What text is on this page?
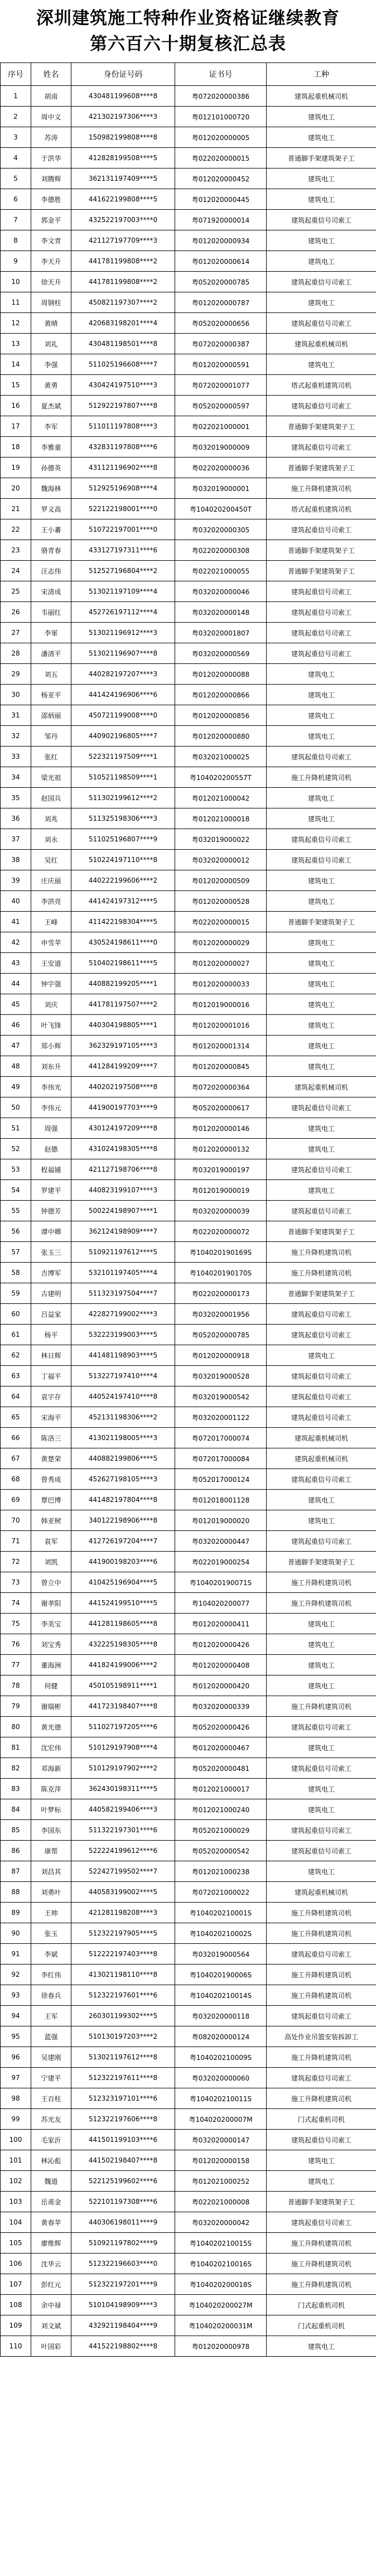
深圳建筑施工特种作业资格证继续教育
第六百六十期复核汇总表
序号	姓名	身份证号码	证书号	工种
1	胡南	430481199608****8	粤072020000386	建筑起重机械司机
2	周中义	421302197306****3	粤012101000720	建筑电工
3	苏涛	150982199808****8	粤012020000005	建筑电工
4	于洪华	412828199508****5	粤022020000015	普通脚手架建筑架子工
5	刘腾辉	362131197409****5	粤012020000452	建筑电工
6	李德胜	441622199808****5	粤012020000445	建筑电工
7	郭金平	432522197003****0	粤071920000014	建筑起重信号司索工
8	李文青	421127197709****3	粤012020000934	建筑电工
9	李天升	441781199808****2	粤012020000614	建筑电工
10	徐天升	441781199808****2	粤052020000785	建筑起重信号司索工
11	周钢柱	450821197307****2	粤012020000787	建筑电工
12	黄晴	420683198201****4	粤052020000656	建筑起重信号司索工
13	刘礼	430481198501****8	粤072020000387	建筑起重机械司机
14	李强	511025196608****7	粤012020000591	建筑电工
15	黄勇	430424197510****3	粤072020001077	塔式起重机建筑司机
16	夏杰斌	512922197807****8	粤052020000597	建筑起重信号司索工
17	李军	511011197808****3	粤022021000001	普通脚手架建筑架子工
18	李雅童	432831197808****6	粤032019000009	建筑起重信号司索工
19	孙德英	431121196902****8	粤022020000036	普通脚手架建筑架子工
20	魏海林	512925196908****4	粤032019000001	施工升降机建筑司机
21	罗义高	522122198001****0	粤104020200450T	塔式起重机建筑司机
22	王小蕃	510722197001****0	粤032020000305	建筑起重信号司索工
23	骆青春	433127197311****6	粤022020000308	普通脚手架建筑架子工
24	汪志伟	512527196804****2	粤022021000055	普通脚手架建筑架子工
25	宋清成	513021197109****4	粤032020000046	建筑起重信号司索工
26	韦丽红	452726197112****4	粤032020000148	建筑起重信号司索工
27	李軍	513021196912****3	粤032020001807	建筑起重信号司索工
28	潘清平	513021196907****8	粤032020000569	建筑起重信号司索工
29	刘五	440282197207****3	粤012020000088	建筑电工
30	杨亚平	441424196906****6	粤012020000866	建筑电工
31	邵炳丽	450721199008****0	粤012020000856	建筑电工
32	邹丹	440902196805****7	粤012020000880	建筑电工
33	张红	522321197509****1	粤032021000025	建筑起重信号司索工
34	梁光祖	510521198509****1	粤104020200557T	施工升降机建筑司机
35	赵国兵	511302199612****2	粤012021000042	建筑电工
36	刘兆	511325198306****3	粤012021000018	建筑电工
37	刘永	511025196807****9	粤032019000022	建筑起重信号司索工
38	吴红	510224197110****8	粤032020000012	建筑起重信号司索工
39	庄庆丽	440222199606****2	粤012020000509	建筑电工
40	李洪亮	441424197312****5	粤012020000528	建筑电工
41	王峰	411422198304****5	粤022020000015	普通脚手架建筑架子工
42	申雪苹	430524198611****0	粤012020000029	建筑电工
43	王安道	510402198611****5	粤012020000027	建筑电工
44	钟宇强	440882199205****1	粤012020000033	建筑电工
45	刘庆	441781197507****2	粤012019000016	建筑电工
46	叶飞锋	440304198805****1	粤012020001016	建筑电工
47	郑小辉	362329197105****3	粤012020001314	建筑电工
48	刘东升	441284199209****7	粤012020000845	建筑电工
49	李伟光	440202197508****8	粤072020000364	建筑起重机械司机
50	李伟元	441900197703****9	粤052020000617	建筑起重信号司索工
51	周强	430124197209****8	粤012020000146	建筑电工
52	赵德	431024198305****8	粤012020000132	建筑电工
53	程福铺	421127198706****8	粤032019000197	建筑起重信号司索工
54	罗建平	440823199107****3	粤012019000019	建筑电工
55	钟德芳	500224198907****1	粤032020000039	建筑起重信号司索工
56	谭中卿	362124198909****7	粤022020000072	普通脚手架建筑架子工
57	张玉三	510921197612****5	粤104020190169S	施工升降机建筑司机
58	吉博军	532101197405****4	粤104020190170S	施工升降机建筑司机
59	古建明	511323197504****7	粤022020000173	普通脚手架建筑架子工
60	吕益家	422827199002****3	粤032020001956	建筑起重信号司索工
61	杨平	532223199003****5	粤052020000785	建筑起重信号司索工
62	林日辉	441481198903****5	粤012020000918	建筑电工
63	丁福平	513227197410****4	粤032019000528	建筑起重信号司索工
64	袁宇存	440524197410****8	粤032019000542	建筑起重信号司索工
65	宋海平	452131198306****2	粤032020001122	建筑起重信号司索工
66	陈洛三	413021198005****3	粤072017000074	建筑起重机械司机
67	黄楚荣	440882199806****5	粤072017000084	建筑起重机械司机
68	曾秀成	452627198105****3	粤052017000124	建筑起重信号司索工
69	覃巴博	441482197804****8	粤012018001128	建筑电工
70	韩亚树	340122198906****8	粤012019000020	建筑电工
71	袁军	412726197204****7	粤032020000447	建筑起重信号司索工
72	刘凯	441900198203****6	粤022019000254	普通脚手架建筑架子工
73	曾立中	410425196904****5	粤104020190071S	施工升降机建筑司机
74	谢孝阳	441524199510****5	粤104020200077	施工升降机建筑司机
75	李美宝	441281198605****8	粤012020000411	建筑电工
76	刘宝秀	432225198305****8	粤012020000426	建筑电工
77	董海洲	441824199006****2	粤012020000408	建筑电工
78	何健	450105198911****1	粤012020000420	建筑电工
79	谢瑞彬	441723198407****8	粤032020000339	施工升降机建筑司机
80	黄光德	511027197205****6	粤052020000426	建筑起重信号司索工
81	沈宏伟	510129197908****4	粤012020000467	建筑电工
82	邓海新	510129197902****2	粤052020000481	建筑起重信号司索工
83	陈克萍	362430198311****5	粤012021000017	建筑电工
84	叶梦标	440582199406****3	粤012021000240	建筑电工
85	李国东	511322197301****6	粤052021000029	建筑起重信号司索工
86	康帮	522224199612****6	粤052020000542	建筑起重信号司索工
87	刘昌其	522427199502****7	粤012021000238	建筑电工
88	刘勇叶	440583199002****5	粤072021000022	建筑起重机械司机
89	王帅	421281198208****3	粤104020210001S	施工升降机建筑司机
90	张玉	512322197905****5	粤104020210002S	施工升降机建筑司机
91	李斌	512222197403****8	粤032019000564	建筑起重信号司索工
92	李红伟	413021198110****8	粤104020190006S	施工升降机建筑司机
93	徐春兵	512322197601****6	粤104020210014S	施工升降机建筑司机
94	王军	260301199302****5	粤032020000118	建筑起重信号司索工
95	蓝强	510130197203****2	粤082020000124	高处作业吊篮安装拆卸工
96	吴建刚	513021197612****8	粤104020210009S	施工升降机建筑司机
97	宁建平	512322197611****8	粤032020000060	建筑起重信号司索工
98	王百柱	512323197101****6	粤104020210011S	施工升降机建筑司机
99	苏光友	512322197606****8	粤104020200007M	门式起重机司机
100	毛家沂	441501199103****6	粤032020000147	建筑起重信号司索工
101	林沁彪	441502198407****8	粤012020000158	建筑电工
102	魏道	522125199602****6	粤012021000252	建筑电工
103	岳甫金	522101197308****6	粤022021000008	普通脚手架建筑架子工
104	黄春苹	440306198011****9	粤032020000042	建筑起重信号司索工
105	廖维辉	510921197802****9	粤104020210015S	施工升降机建筑司机
106	沈华云	512322196603****0	粤104020210016S	施工升降机建筑司机
107	彭红元	512322197201****9	粤104020200018S	施工升降机建筑司机
108	余中禄	510104198909****3	粤104020200027M	门式起重机司机
109	刘文斌	432921198404****9	粤104020200031M	门式起重机司机
110	叶国彩	441522198802****8	粤012020000978	建筑电工
